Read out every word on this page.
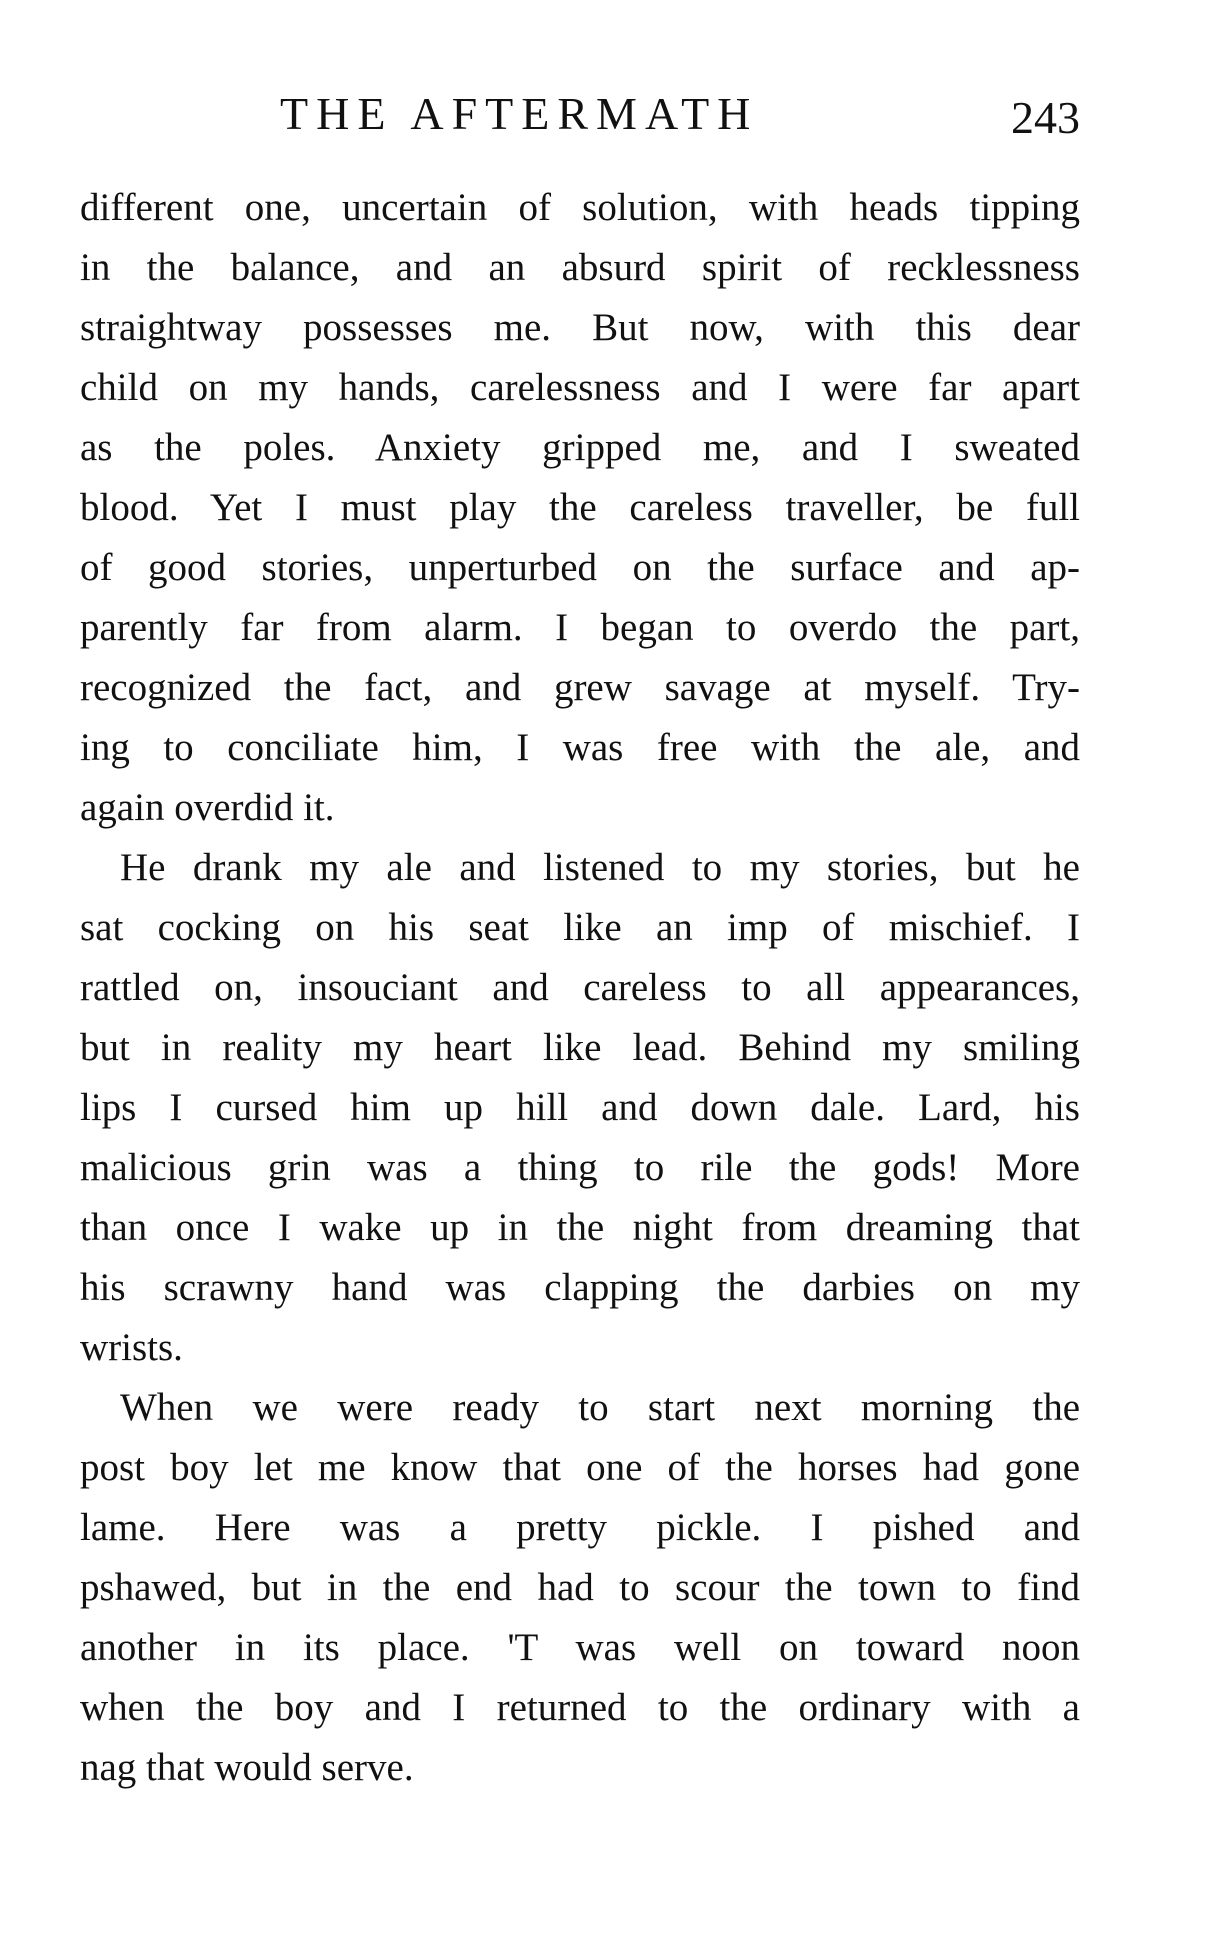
THE AFTERMATH	243

different one, uncertain of solution, with heads tipping
in the balance, and an absurd spirit of recklessness
straightway possesses me. But now, with this dear
child on my hands, carelessness and I were far apart
as the poles. Anxiety gripped me, and I sweated
blood. Yet I must play the careless traveller, be full
of good stories, unperturbed on the surface and ap-
parently far from alarm. I began to overdo the part,
recognized the fact, and grew savage at myself. Try-
ing to conciliate him, I was free with the ale, and
again overdid it.

He drank my ale and listened to my stories, but he
sat cocking on his seat like an imp of mischief. I
rattled on, insouciant and careless to all appearances,
but in reality my heart like lead. Behind my smiling
lips I cursed him up hill and down dale. Lard, his
malicious grin was a thing to rile the gods! More
than once I wake up in the night from dreaming that
his scrawny hand was clapping the darbies on my
wrists.

When we were ready to start next morning the
post boy let me know that one of the horses had gone
lame. Here was a pretty pickle. I pished and
pshawed, but in the end had to scour the town to find
another in its place. 'T was well on toward noon
when the boy and I returned to the ordinary with a
nag that would serve.
